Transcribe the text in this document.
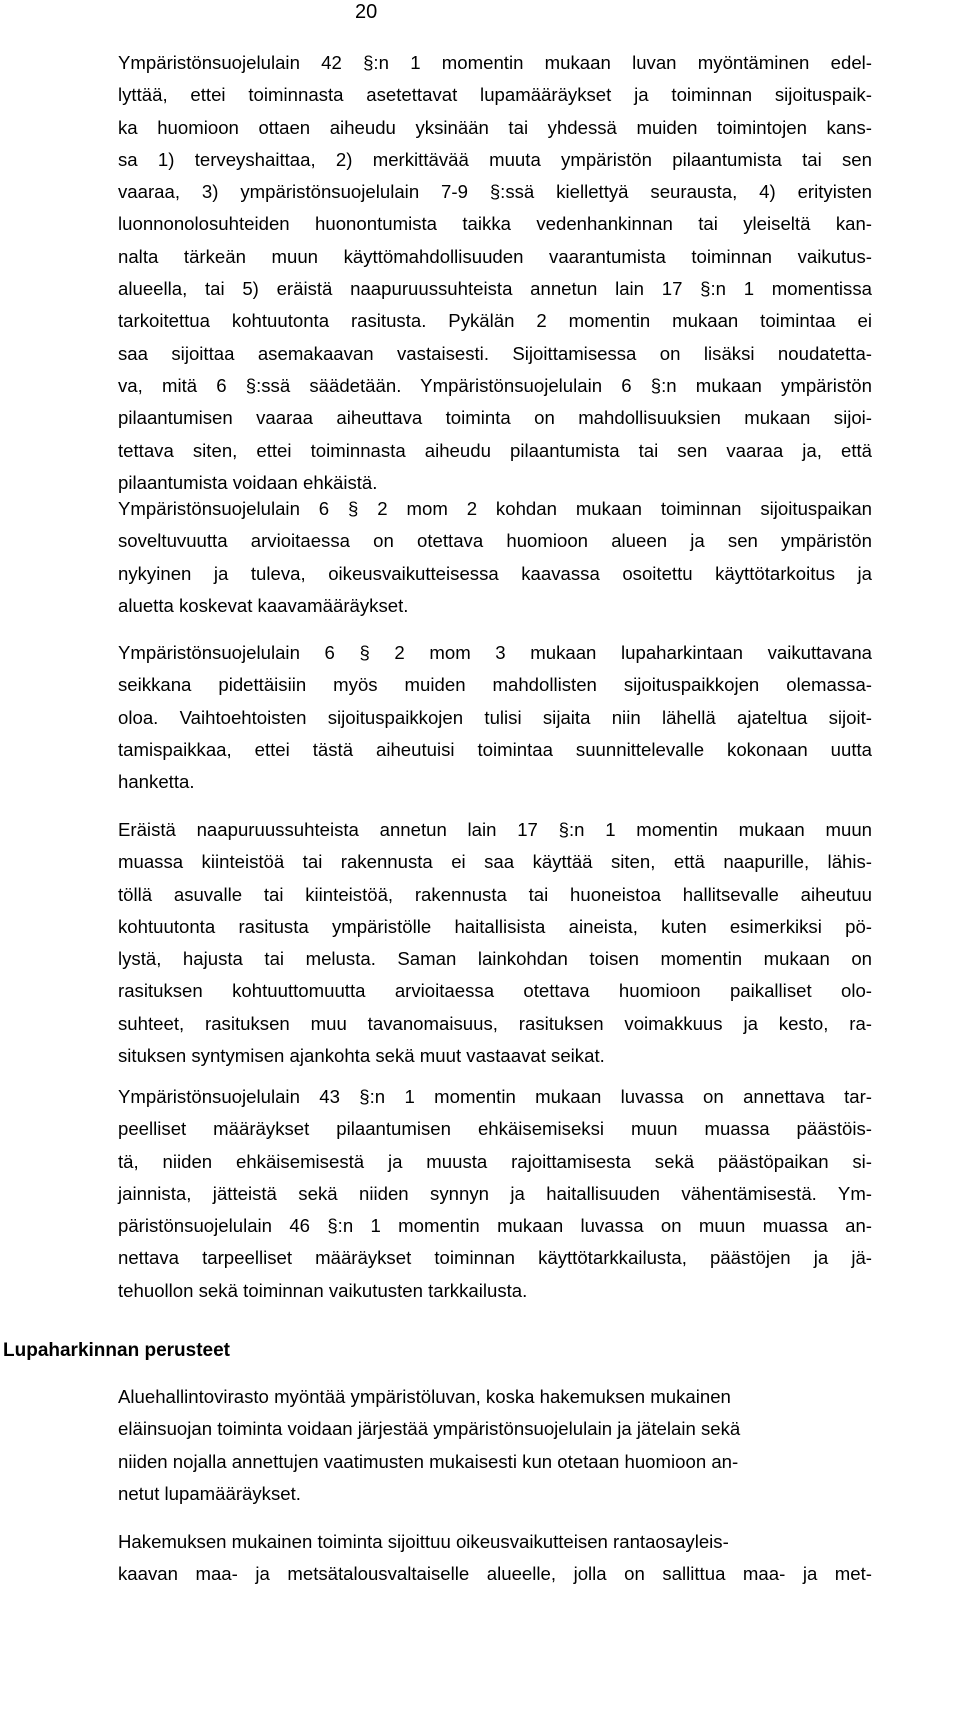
20
Ympäristönsuojelulain 42 §:n 1 momentin mukaan luvan myöntäminen edel-
lyttää, ettei toiminnasta asetettavat lupamääräykset ja toiminnan sijoituspaik-
ka huomioon ottaen aiheudu yksinään tai yhdessä muiden toimintojen kans-
sa 1) terveyshaittaa, 2) merkittävää muuta ympäristön pilaantumista tai sen
vaaraa, 3) ympäristönsuojelulain 7-9 §:ssä kiellettyä seurausta, 4) erityisten
luonnonolosuhteiden huonontumista taikka vedenhankinnan tai yleiseltä kan-
nalta tärkeän muun käyttömahdollisuuden vaarantumista toiminnan vaikutus-
alueella, tai 5) eräistä naapuruussuhteista annetun lain 17 §:n 1 momentissa
tarkoitettua kohtuutonta rasitusta. Pykälän 2 momentin mukaan toimintaa ei
saa sijoittaa asemakaavan vastaisesti. Sijoittamisessa on lisäksi noudatetta-
va, mitä 6 §:ssä säädetään. Ympäristönsuojelulain 6 §:n mukaan ympäristön
pilaantumisen vaaraa aiheuttava toiminta on mahdollisuuksien mukaan sijoi-
tettava siten, ettei toiminnasta aiheudu pilaantumista tai sen vaaraa ja, että
pilaantumista voidaan ehkäistä.
Ympäristönsuojelulain 6 § 2 mom 2 kohdan mukaan toiminnan sijoituspaikan
soveltuvuutta arvioitaessa on otettava huomioon alueen ja sen ympäristön
nykyinen ja tuleva, oikeusvaikutteisessa kaavassa osoitettu käyttötarkoitus ja
aluetta koskevat kaavamääräykset.
Ympäristönsuojelulain 6 § 2 mom 3 mukaan lupaharkintaan vaikuttavana
seikkana pidettäisiin myös muiden mahdollisten sijoituspaikkojen olemassa-
oloa. Vaihtoehtoisten sijoituspaikkojen tulisi sijaita niin lähellä ajateltua sijoit-
tamispaikkaa, ettei tästä aiheutuisi toimintaa suunnittelevalle kokonaan uutta
hanketta.
Eräistä naapuruussuhteista annetun lain 17 §:n 1 momentin mukaan muun
muassa kiinteistöä tai rakennusta ei saa käyttää siten, että naapurille, lähis-
töllä asuvalle tai kiinteistöä, rakennusta tai huoneistoa hallitsevalle aiheutuu
kohtuutonta rasitusta ympäristölle haitallisista aineista, kuten esimerkiksi pö-
lystä, hajusta tai melusta. Saman lainkohdan toisen momentin mukaan on
rasituksen kohtuuttomuutta arvioitaessa otettava huomioon paikalliset olo-
suhteet, rasituksen muu tavanomaisuus, rasituksen voimakkuus ja kesto, ra-
situksen syntymisen ajankohta sekä muut vastaavat seikat.
Ympäristönsuojelulain 43 §:n 1 momentin mukaan luvassa on annettava tar-
peelliset määräykset pilaantumisen ehkäisemiseksi muun muassa päästöis-
tä, niiden ehkäisemisestä ja muusta rajoittamisesta sekä päästöpaikan si-
jainnista, jätteistä sekä niiden synnyn ja haitallisuuden vähentämisestä. Ym-
päristönsuojelulain 46 §:n 1 momentin mukaan luvassa on muun muassa an-
nettava tarpeelliset määräykset toiminnan käyttötarkkailusta, päästöjen ja jä-
tehuollon sekä toiminnan vaikutusten tarkkailusta.
Aluehallintovirasto myöntää ympäristöluvan, koska hakemuksen mukainen
eläinsuojan toiminta voidaan järjestää ympäristönsuojelulain ja jätelain sekä
niiden nojalla annettujen vaatimusten mukaisesti kun otetaan huomioon an-
netut lupamääräykset.
Hakemuksen mukainen toiminta sijoittuu oikeusvaikutteisen rantaosayleis-
kaavan maa- ja metsätalousvaltaiselle alueelle, jolla on sallittua maa- ja met-
Lupaharkinnan perusteet
